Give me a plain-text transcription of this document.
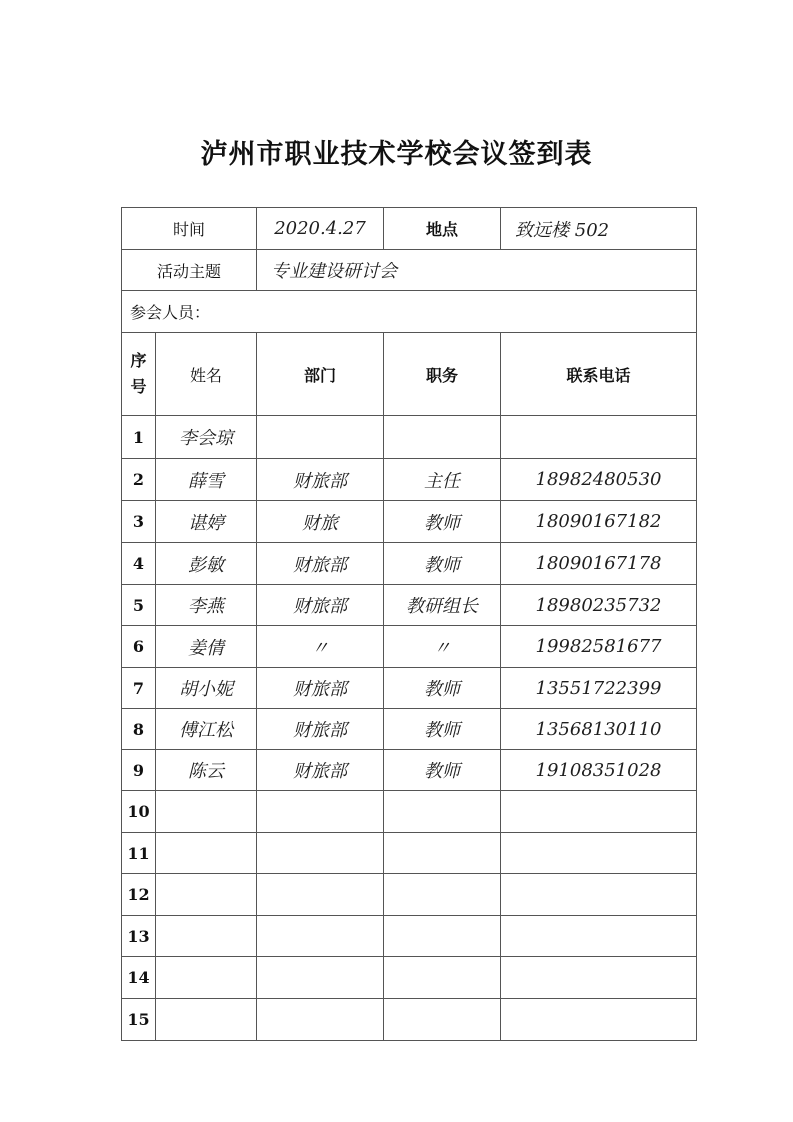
泸州市职业技术学校会议签到表
时间		2020.4.27	地点	致远楼 502
活动主题		专业建设研讨会		
参会人员：				

序
号	姓名	部门	职务	联系电话
1	李会琼			
2	薛雪	财旅部	主任	18982480530
3	谌婷	财旅	教师	18090167182
4	彭敏	财旅部	教师	18090167178
5	李燕	财旅部	教研组长	18980235732
6	姜倩	〃	〃	19982581677
7	胡小妮	财旅部	教师	13551722399
8	傅江松	财旅部	教师	13568130110
9	陈云	财旅部	教师	19108351028
10				
11				
12				
13				
14				
15				
